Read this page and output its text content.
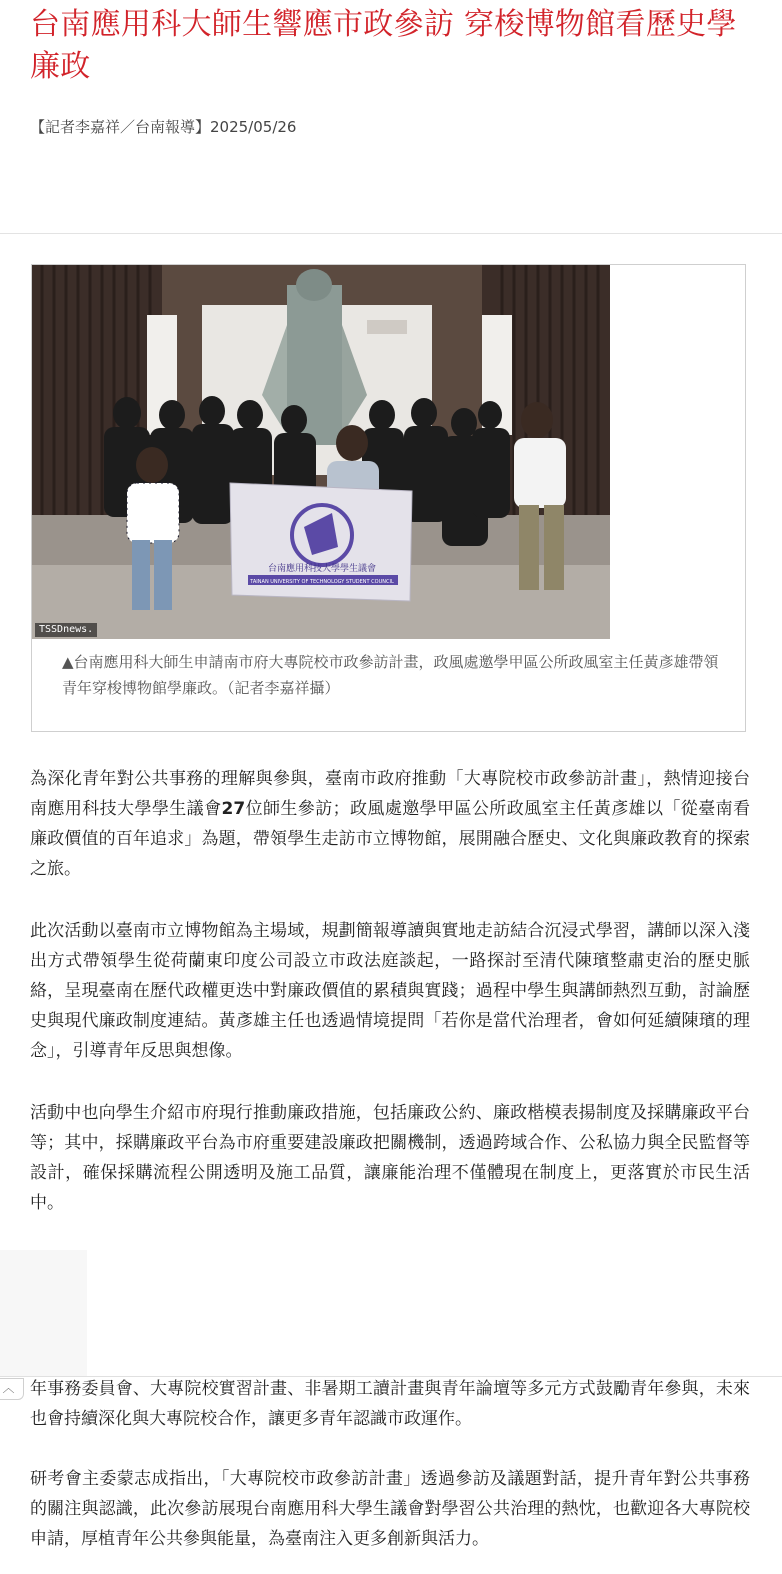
台南應用科大師生響應市政參訪 穿梭博物館看歷史學廉政
【記者李嘉祥／台南報導】2025/05/26
台南應用科技大學學生議會
TAINAN UNIVERSITY OF TECHNOLOGY STUDENT COUNCIL
TSSDnews.
▲台南應用科大師生申請南市府大專院校市政參訪計畫，政風處邀學甲區公所政風室主任黃彥雄帶領青年穿梭博物館學廉政。（記者李嘉祥攝）

為深化青年對公共事務的理解與參與，臺南市政府推動「大專院校市政參訪計畫」，熱情迎接台南應用科技大學學生議會27位師生參訪；政風處邀學甲區公所政風室主任黃彥雄以「從臺南看廉政價值的百年追求」為題，帶領學生走訪市立博物館，展開融合歷史、文化與廉政教育的探索之旅。

此次活動以臺南市立博物館為主場域，規劃簡報導讀與實地走訪結合沉浸式學習，講師以深入淺出方式帶領學生從荷蘭東印度公司設立市政法庭談起，一路探討至清代陳璸整肅吏治的歷史脈絡，呈現臺南在歷代政權更迭中對廉政價值的累積與實踐；過程中學生與講師熱烈互動，討論歷史與現代廉政制度連結。黃彥雄主任也透過情境提問「若你是當代治理者，會如何延續陳璸的理念」，引導青年反思與想像。

活動中也向學生介紹市府現行推動廉政措施，包括廉政公約、廉政楷模表揚制度及採購廉政平台等；其中，採購廉政平台為市府重要建設廉政把關機制，透過跨域合作、公私協力與全民監督等設計，確保採購流程公開透明及施工品質，讓廉能治理不僅體現在制度上，更落實於市民生活中。

︿ 年事務委員會、大專院校實習計畫、非暑期工讀計畫與青年論壇等多元方式鼓勵青年參與，未來也會持續深化與大專院校合作，讓更多青年認識市政運作。

研考會主委蒙志成指出，「大專院校市政參訪計畫」透過參訪及議題對話，提升青年對公共事務的關注與認識，此次參訪展現台南應用科大學生議會對學習公共治理的熱忱，也歡迎各大專院校申請，厚植青年公共參與能量，為臺南注入更多創新與活力。
